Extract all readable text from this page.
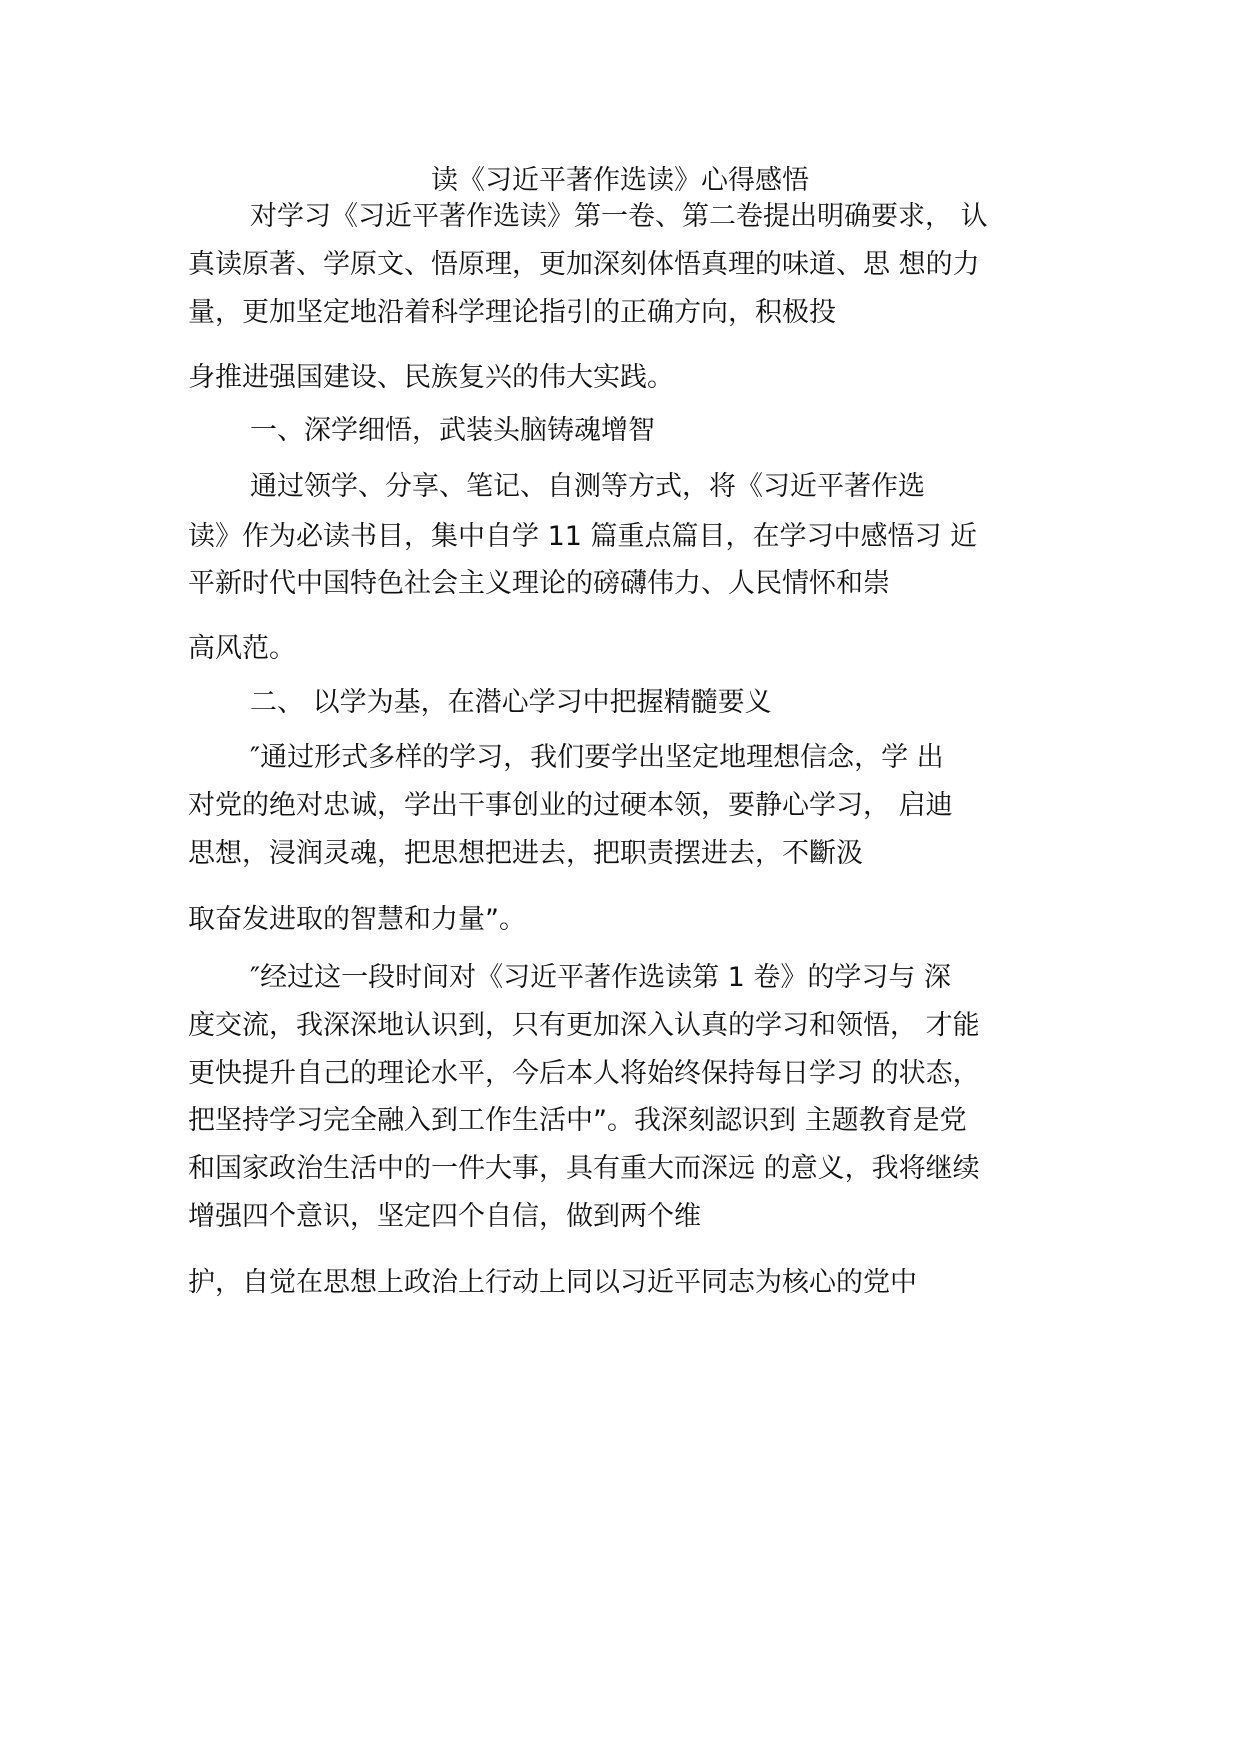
读《习近平著作选读》心得感悟
对学习《习近平著作选读》第一卷、第二卷提出明确要求， 认
真读原著、学原文、悟原理，更加深刻体悟真理的味道、思 想的力
量，更加坚定地沿着科学理论指引的正确方向，积极投
身推进强国建设、民族复兴的伟大实践。
一、深学细悟，武装头脑铸魂增智
通过领学、分享、笔记、自测等方式，将《习近平著作选
读》作为必读书目，集中自学 11 篇重点篇目，在学习中感悟习 近
平新时代中国特色社会主义理论的磅礴伟力、人民情怀和崇
高风范。
二、 以学为基，在潜心学习中把握精髓要义
″通过形式多样的学习，我们要学出坚定地理想信念，学 出
对党的绝对忠诚，学出干事创业的过硬本领，要静心学习， 启迪
思想，浸润灵魂，把思想把进去，把职责摆进去，不斷汲
取奋发进取的智慧和力量”。
″经过这一段时间对《习近平著作选读第 1 卷》的学习与 深
度交流，我深深地认识到，只有更加深入认真的学习和领悟， 才能
更快提升自己的理论水平，今后本人将始终保持每日学习 的状态，
把坚持学习完全融入到工作生活中”。我深刻認识到 主题教育是党
和国家政治生活中的一件大事，具有重大而深远 的意义，我将继续
增强四个意识，坚定四个自信，做到两个维
护，自觉在思想上政治上行动上同以习近平同志为核心的党中
